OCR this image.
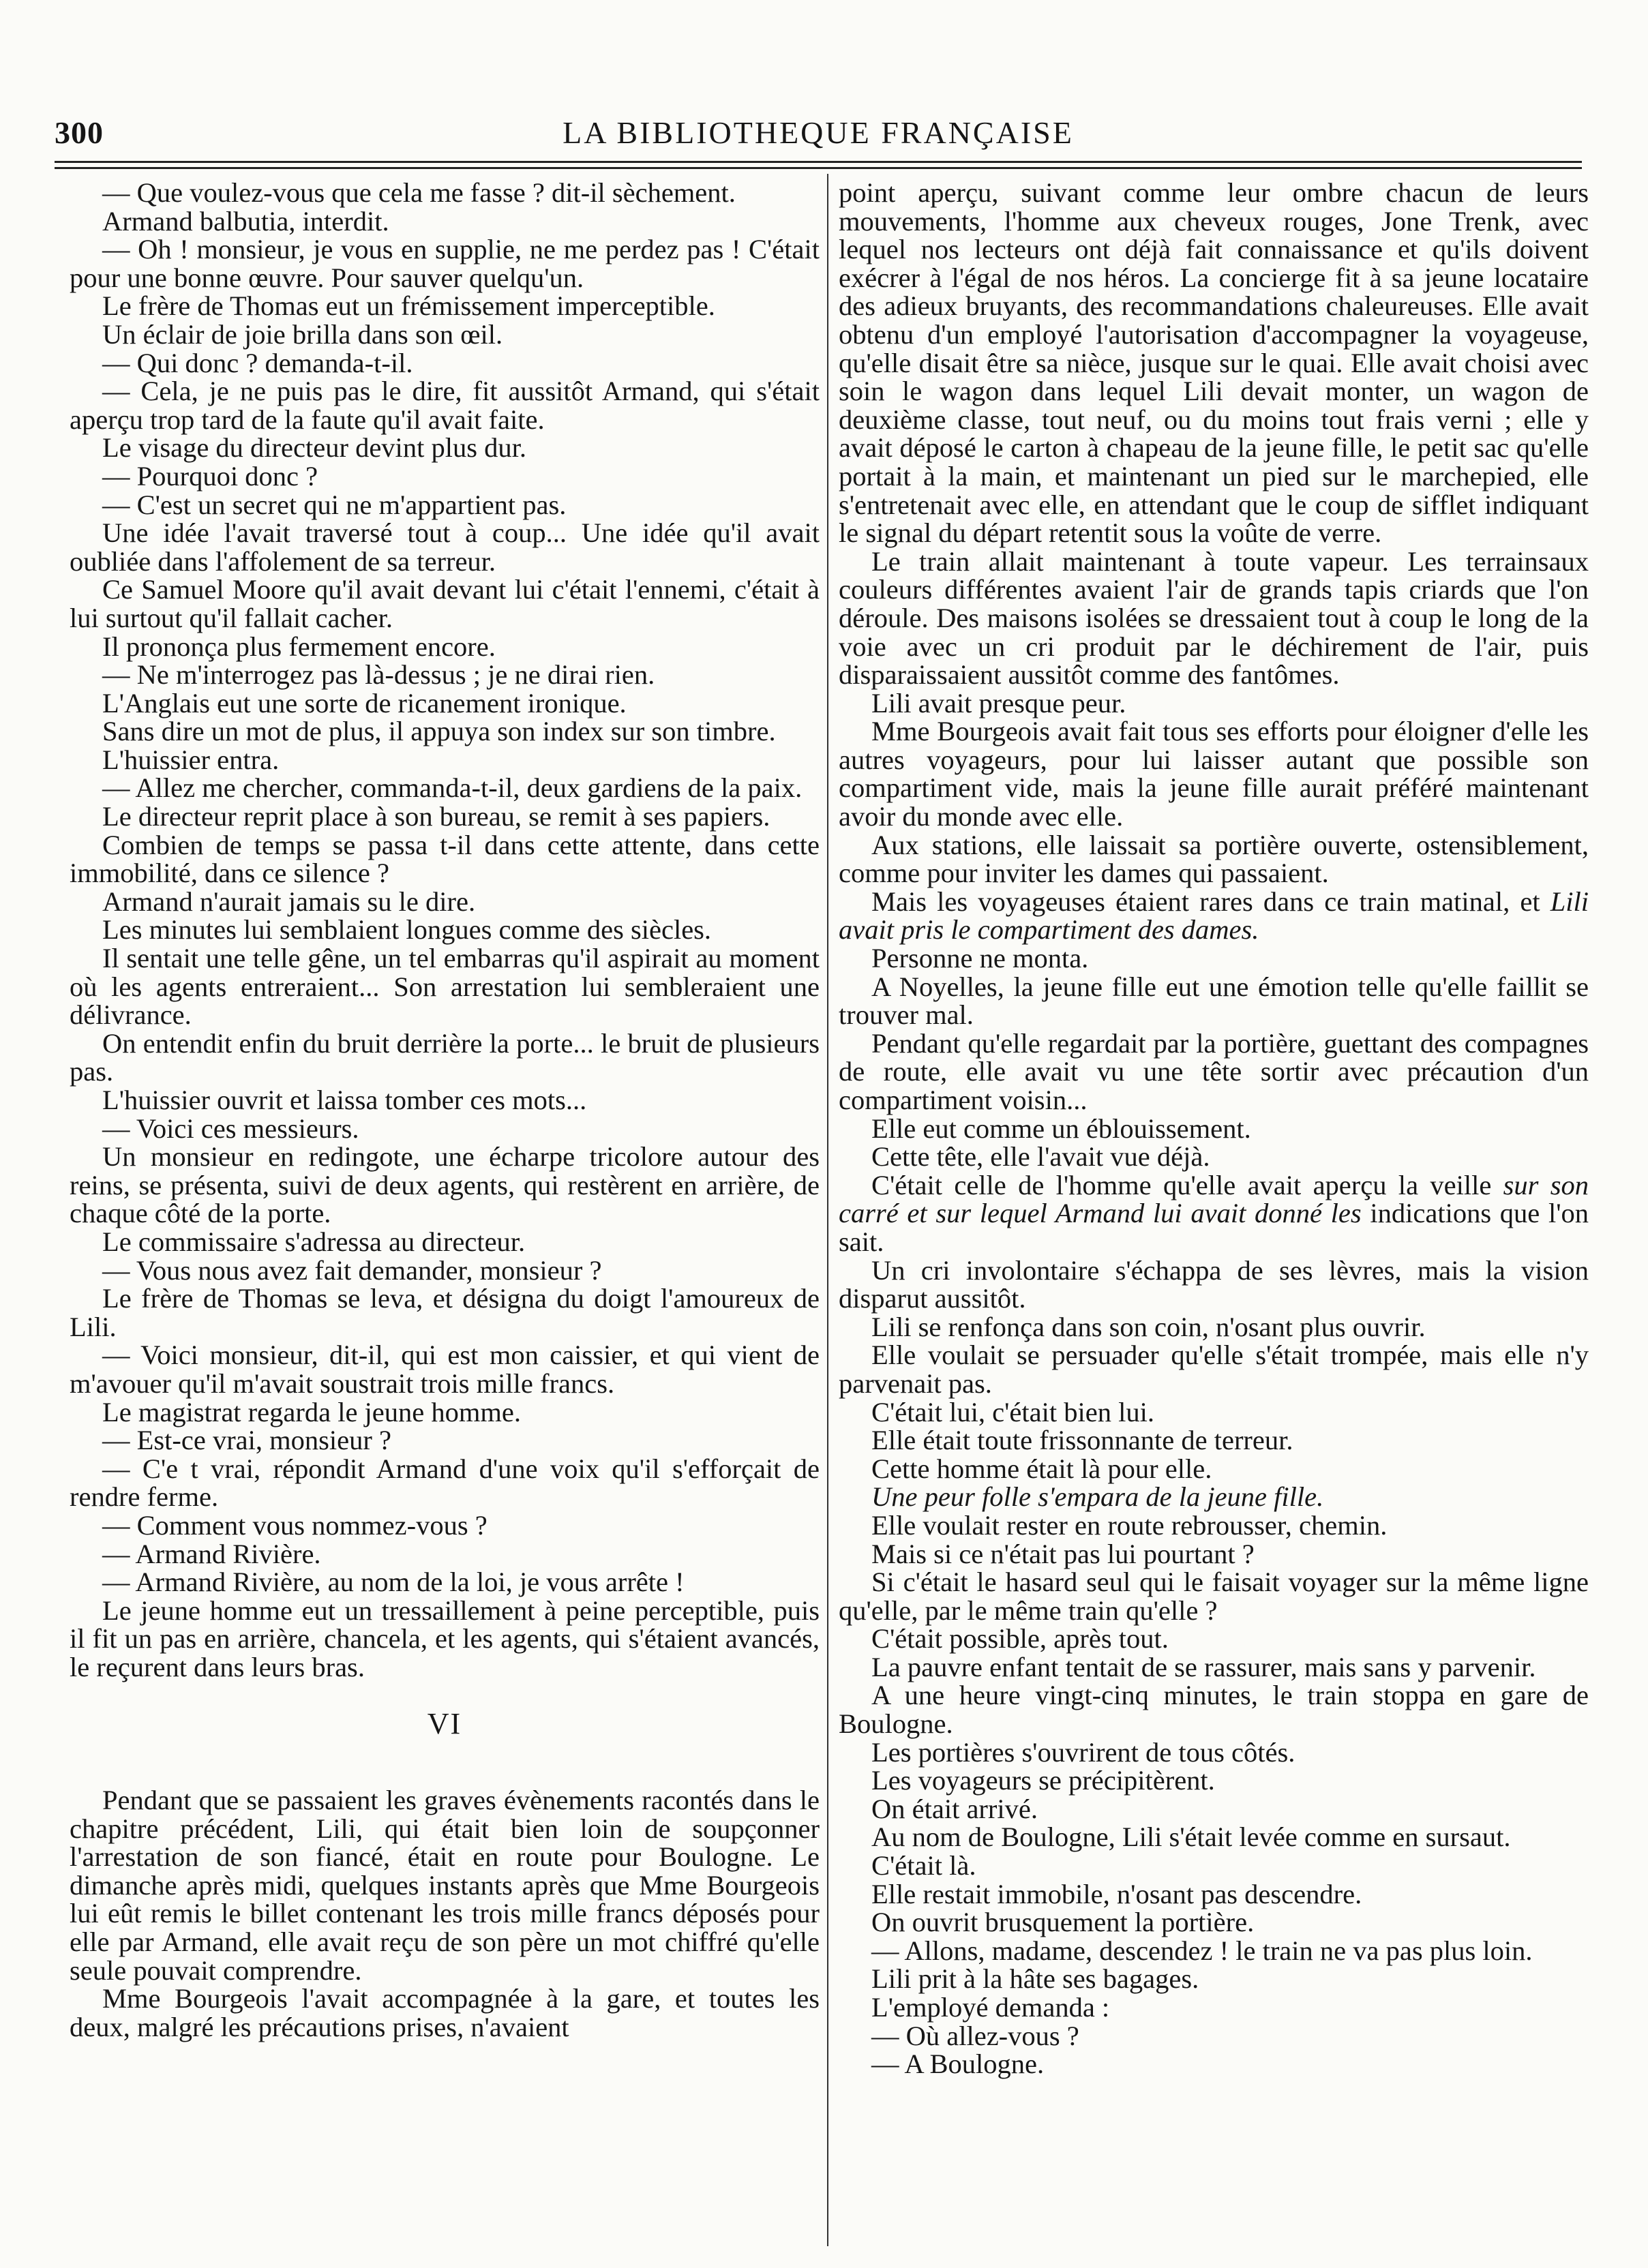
300	LA BIBLIOTHEQUE FRANÇAISE

— Que voulez-vous que cela me fasse ? dit-il sèchement.

Armand balbutia, interdit.

— Oh ! monsieur, je vous en supplie, ne me perdez pas ! C'était pour une bonne œuvre. Pour sauver quelqu'un.

Le frère de Thomas eut un frémissement imperceptible.

Un éclair de joie brilla dans son œil.

— Qui donc ? demanda-t-il.

— Cela, je ne puis pas le dire, fit aussitôt Armand, qui s'était aperçu trop tard de la faute qu'il avait faite.

Le visage du directeur devint plus dur.

— Pourquoi donc ?

— C'est un secret qui ne m'appartient pas.

Une idée l'avait traversé tout à coup... Une idée qu'il avait oubliée dans l'affolement de sa terreur.

Ce Samuel Moore qu'il avait devant lui c'était l'ennemi, c'était à lui surtout qu'il fallait cacher.

Il prononça plus fermement encore.

— Ne m'interrogez pas là-dessus ; je ne dirai rien.

L'Anglais eut une sorte de ricanement ironique.

Sans dire un mot de plus, il appuya son index sur son timbre.

L'huissier entra.

— Allez me chercher, commanda-t-il, deux gardiens de la paix.

Le directeur reprit place à son bureau, se remit à ses papiers.

Combien de temps se passa t-il dans cette attente, dans cette immobilité, dans ce silence ?

Armand n'aurait jamais su le dire.

Les minutes lui semblaient longues comme des siècles.

Il sentait une telle gêne, un tel embarras qu'il aspirait au moment où les agents entreraient... Son arrestation lui sembleraient une délivrance.

On entendit enfin du bruit derrière la porte... le bruit de plusieurs pas.

L'huissier ouvrit et laissa tomber ces mots...

— Voici ces messieurs.

Un monsieur en redingote, une écharpe tricolore autour des reins, se présenta, suivi de deux agents, qui restèrent en arrière, de chaque côté de la porte.

Le commissaire s'adressa au directeur.

— Vous nous avez fait demander, monsieur ?

Le frère de Thomas se leva, et désigna du doigt l'amoureux de Lili.

— Voici monsieur, dit-il, qui est mon caissier, et qui vient de m'avouer qu'il m'avait soustrait trois mille francs.

Le magistrat regarda le jeune homme.

— Est-ce vrai, monsieur ?

— C'e t vrai, répondit Armand d'une voix qu'il s'efforçait de rendre ferme.

— Comment vous nommez-vous ?

— Armand Rivière.

— Armand Rivière, au nom de la loi, je vous arrête !

Le jeune homme eut un tressaillement à peine perceptible, puis il fit un pas en arrière, chancela, et les agents, qui s'étaient avancés, le reçurent dans leurs bras.

VI

Pendant que se passaient les graves évènements racontés dans le chapitre précédent, Lili, qui était bien loin de soupçonner l'arrestation de son fiancé, était en route pour Boulogne. Le dimanche après midi, quelques instants après que Mme Bourgeois lui eût remis le billet contenant les trois mille francs déposés pour elle par Armand, elle avait reçu de son père un mot chiffré qu'elle seule pouvait comprendre.

Mme Bourgeois l'avait accompagnée à la gare, et toutes les deux, malgré les précautions prises, n'avaient

point aperçu, suivant comme leur ombre chacun de leurs mouvements, l'homme aux cheveux rouges, Jone Trenk, avec lequel nos lecteurs ont déjà fait connaissance et qu'ils doivent exécrer à l'égal de nos héros. La concierge fit à sa jeune locataire des adieux bruyants, des recommandations chaleureuses. Elle avait obtenu d'un employé l'autorisation d'accompagner la voyageuse, qu'elle disait être sa nièce, jusque sur le quai. Elle avait choisi avec soin le wagon dans lequel Lili devait monter, un wagon de deuxième classe, tout neuf, ou du moins tout frais verni ; elle y avait déposé le carton à chapeau de la jeune fille, le petit sac qu'elle portait à la main, et maintenant un pied sur le marchepied, elle s'entretenait avec elle, en attendant que le coup de sifflet indiquant le signal du départ retentit sous la voûte de verre.

Le train allait maintenant à toute vapeur. Les terrainsaux couleurs différentes avaient l'air de grands tapis criards que l'on déroule. Des maisons isolées se dressaient tout à coup le long de la voie avec un cri produit par le déchirement de l'air, puis disparaissaient aussitôt comme des fantômes.

Lili avait presque peur.

Mme Bourgeois avait fait tous ses efforts pour éloigner d'elle les autres voyageurs, pour lui laisser autant que possible son compartiment vide, mais la jeune fille aurait préféré maintenant avoir du monde avec elle.

Aux stations, elle laissait sa portière ouverte, ostensiblement, comme pour inviter les dames qui passaient.

Mais les voyageuses étaient rares dans ce train matinal, et Lili avait pris le compartiment des dames.

Personne ne monta.

A Noyelles, la jeune fille eut une émotion telle qu'elle faillit se trouver mal.

Pendant qu'elle regardait par la portière, guettant des compagnes de route, elle avait vu une tête sortir avec précaution d'un compartiment voisin...

Elle eut comme un éblouissement.

Cette tête, elle l'avait vue déjà.

C'était celle de l'homme qu'elle avait aperçu la veille sur son carré et sur lequel Armand lui avait donné les indications que l'on sait.

Un cri involontaire s'échappa de ses lèvres, mais la vision disparut aussitôt.

Lili se renfonça dans son coin, n'osant plus ouvrir.

Elle voulait se persuader qu'elle s'était trompée, mais elle n'y parvenait pas.

C'était lui, c'était bien lui.

Elle était toute frissonnante de terreur.

Cette homme était là pour elle.

Une peur folle s'empara de la jeune fille.

Elle voulait rester en route rebrousser, chemin.

Mais si ce n'était pas lui pourtant ?

Si c'était le hasard seul qui le faisait voyager sur la même ligne qu'elle, par le même train qu'elle ?

C'était possible, après tout.

La pauvre enfant tentait de se rassurer, mais sans y parvenir.

A une heure vingt-cinq minutes, le train stoppa en gare de Boulogne.

Les portières s'ouvrirent de tous côtés.

Les voyageurs se précipitèrent.

On était arrivé.

Au nom de Boulogne, Lili s'était levée comme en sursaut.

C'était là.

Elle restait immobile, n'osant pas descendre.

On ouvrit brusquement la portière.

— Allons, madame, descendez ! le train ne va pas plus loin.

Lili prit à la hâte ses bagages.

L'employé demanda :

— Où allez-vous ?

— A Boulogne.
